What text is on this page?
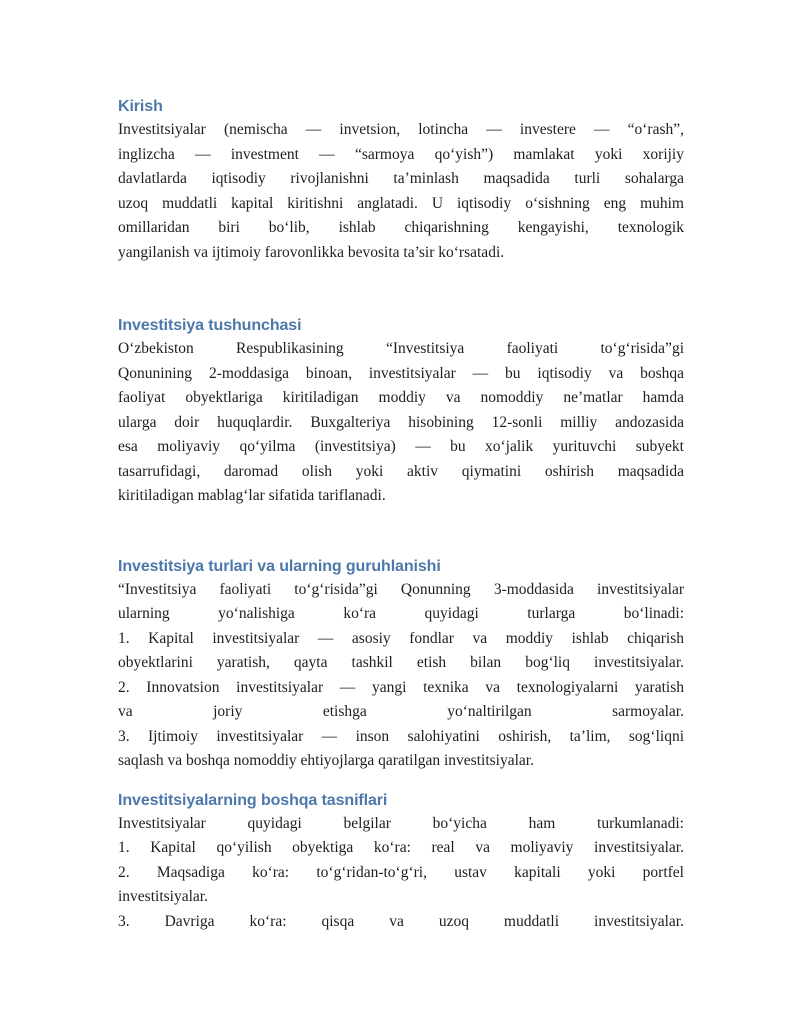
Kirish
Investitsiyalar (nemischa — invetsion, lotincha — investere — “o‘rash”,
inglizcha — investment — “sarmoya qo‘yish”) mamlakat yoki xorijiy
davlatlarda iqtisodiy rivojlanishni ta’minlash maqsadida turli sohalarga
uzoq muddatli kapital kiritishni anglatadi. U iqtisodiy o‘sishning eng muhim
omillaridan biri bo‘lib, ishlab chiqarishning kengayishi, texnologik
yangilanish va ijtimoiy farovonlikka bevosita ta’sir ko‘rsatadi.
Investitsiya tushunchasi
O‘zbekiston Respublikasining “Investitsiya faoliyati to‘g‘risida”gi
Qonunining 2-moddasiga binoan, investitsiyalar — bu iqtisodiy va boshqa
faoliyat obyektlariga kiritiladigan moddiy va nomoddiy ne’matlar hamda
ularga doir huquqlardir. Buxgalteriya hisobining 12-sonli milliy andozasida
esa moliyaviy qo‘yilma (investitsiya) — bu xo‘jalik yurituvchi subyekt
tasarrufidagi, daromad olish yoki aktiv qiymatini oshirish maqsadida
kiritiladigan mablag‘lar sifatida tariflanadi.
Investitsiya turlari va ularning guruhlanishi
“Investitsiya faoliyati to‘g‘risida”gi Qonunning 3-moddasida investitsiyalar
ularning yo‘nalishiga ko‘ra quyidagi turlarga bo‘linadi:
1. Kapital investitsiyalar — asosiy fondlar va moddiy ishlab chiqarish
obyektlarini yaratish, qayta tashkil etish bilan bog‘liq investitsiyalar.
2. Innovatsion investitsiyalar — yangi texnika va texnologiyalarni yaratish
va joriy etishga yo‘naltirilgan sarmoyalar.
3. Ijtimoiy investitsiyalar — inson salohiyatini oshirish, ta’lim, sog‘liqni
saqlash va boshqa nomoddiy ehtiyojlarga qaratilgan investitsiyalar.
Investitsiyalarning boshqa tasniflari
Investitsiyalar quyidagi belgilar bo‘yicha ham turkumlanadi:
1. Kapital qo‘yilish obyektiga ko‘ra: real va moliyaviy investitsiyalar.
2. Maqsadiga ko‘ra: to‘g‘ridan-to‘g‘ri, ustav kapitali yoki portfel
investitsiyalar.
3. Davriga ko‘ra: qisqa va uzoq muddatli investitsiyalar.
